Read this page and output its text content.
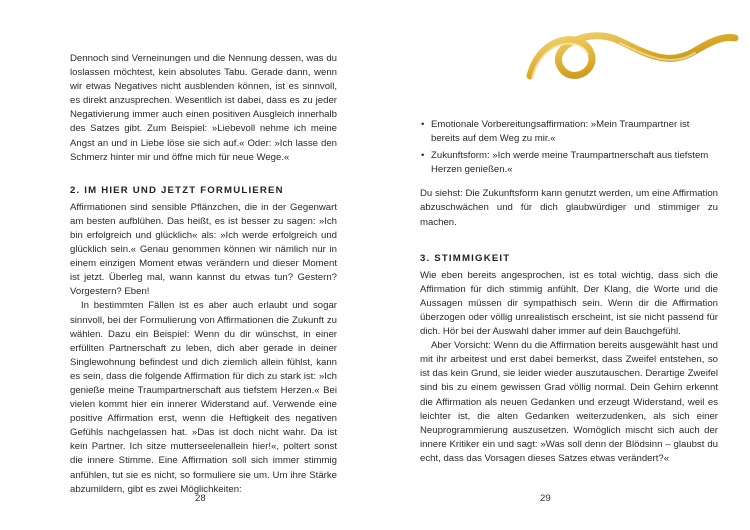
Dennoch sind Verneinungen und die Nennung dessen, was du loslassen möchtest, kein absolutes Tabu. Gerade dann, wenn wir etwas Negatives nicht ausblenden können, ist es sinnvoll, es direkt anzusprechen. Wesentlich ist dabei, dass es zu jeder Negativierung immer auch einen positiven Ausgleich innerhalb des Satzes gibt. Zum Beispiel: »Liebevoll nehme ich meine Angst an und in Liebe löse sie sich auf.« Oder: »Ich lasse den Schmerz hinter mir und öffne mich für neue Wege.«

2. IM HIER UND JETZT FORMULIEREN

Affirmationen sind sensible Pflänzchen, die in der Gegenwart am besten aufblühen. Das heißt, es ist besser zu sagen: »Ich bin erfolgreich und glücklich« als: »Ich werde erfolgreich und glücklich sein.« Genau genommen können wir nämlich nur in einem einzigen Moment etwas verändern und dieser Moment ist jetzt. Überleg mal, wann kannst du etwas tun? Gestern? Vorgestern? Eben!

In bestimmten Fällen ist es aber auch erlaubt und sogar sinnvoll, bei der Formulierung von Affirmationen die Zukunft zu wählen. Dazu ein Beispiel: Wenn du dir wünschst, in einer erfüllten Partnerschaft zu leben, dich aber gerade in deiner Singlewohnung befindest und dich ziemlich allein fühlst, kann es sein, dass die folgende Affirmation für dich zu stark ist: »Ich genieße meine Traumpartnerschaft aus tiefstem Herzen.« Bei vielen kommt hier ein innerer Widerstand auf. Verwende eine positive Affirmation erst, wenn die Heftigkeit des negativen Gefühls nachgelassen hat. »Das ist doch nicht wahr. Da ist kein Partner. Ich sitze mutterseelenallein hier!«, poltert sonst die innere Stimme. Eine Affirmation soll sich immer stimmig anfühlen, tut sie es nicht, so formuliere sie um. Um ihre Stärke abzumildern, gibt es zwei Möglichkeiten:

28
• Emotionale Vorbereitungsaffirmation: »Mein Traumpartner ist bereits auf dem Weg zu mir.«
• Zukunftsform: »Ich werde meine Traumpartnerschaft aus tiefstem Herzen genießen.«

Du siehst: Die Zukunftsform kann genutzt werden, um eine Affirmation abzuschwächen und für dich glaubwürdiger und stimmiger zu machen.

3. STIMMIGKEIT

Wie eben bereits angesprochen, ist es total wichtig, dass sich die Affirmation für dich stimmig anfühlt. Der Klang, die Worte und die Aussagen müssen dir sympathisch sein. Wenn dir die Affirmation überzogen oder völlig unrealistisch erscheint, ist sie nicht passend für dich. Hör bei der Auswahl daher immer auf dein Bauchgefühl.

Aber Vorsicht: Wenn du die Affirmation bereits ausgewählt hast und mit ihr arbeitest und erst dabei bemerkst, dass Zweifel entstehen, so ist das kein Grund, sie leider wieder auszutauschen. Derartige Zweifel sind bis zu einem gewissen Grad völlig normal. Dein Gehirn erkennt die Affirmation als neuen Gedanken und erzeugt Widerstand, weil es leichter ist, die alten Gedanken weiterzudenken, als sich einer Neuprogrammierung auszusetzen. Womöglich mischt sich auch der innere Kritiker ein und sagt: »Was soll denn der Blödsinn – glaubst du echt, dass das Vorsagen dieses Satzes etwas verändert?«

29
